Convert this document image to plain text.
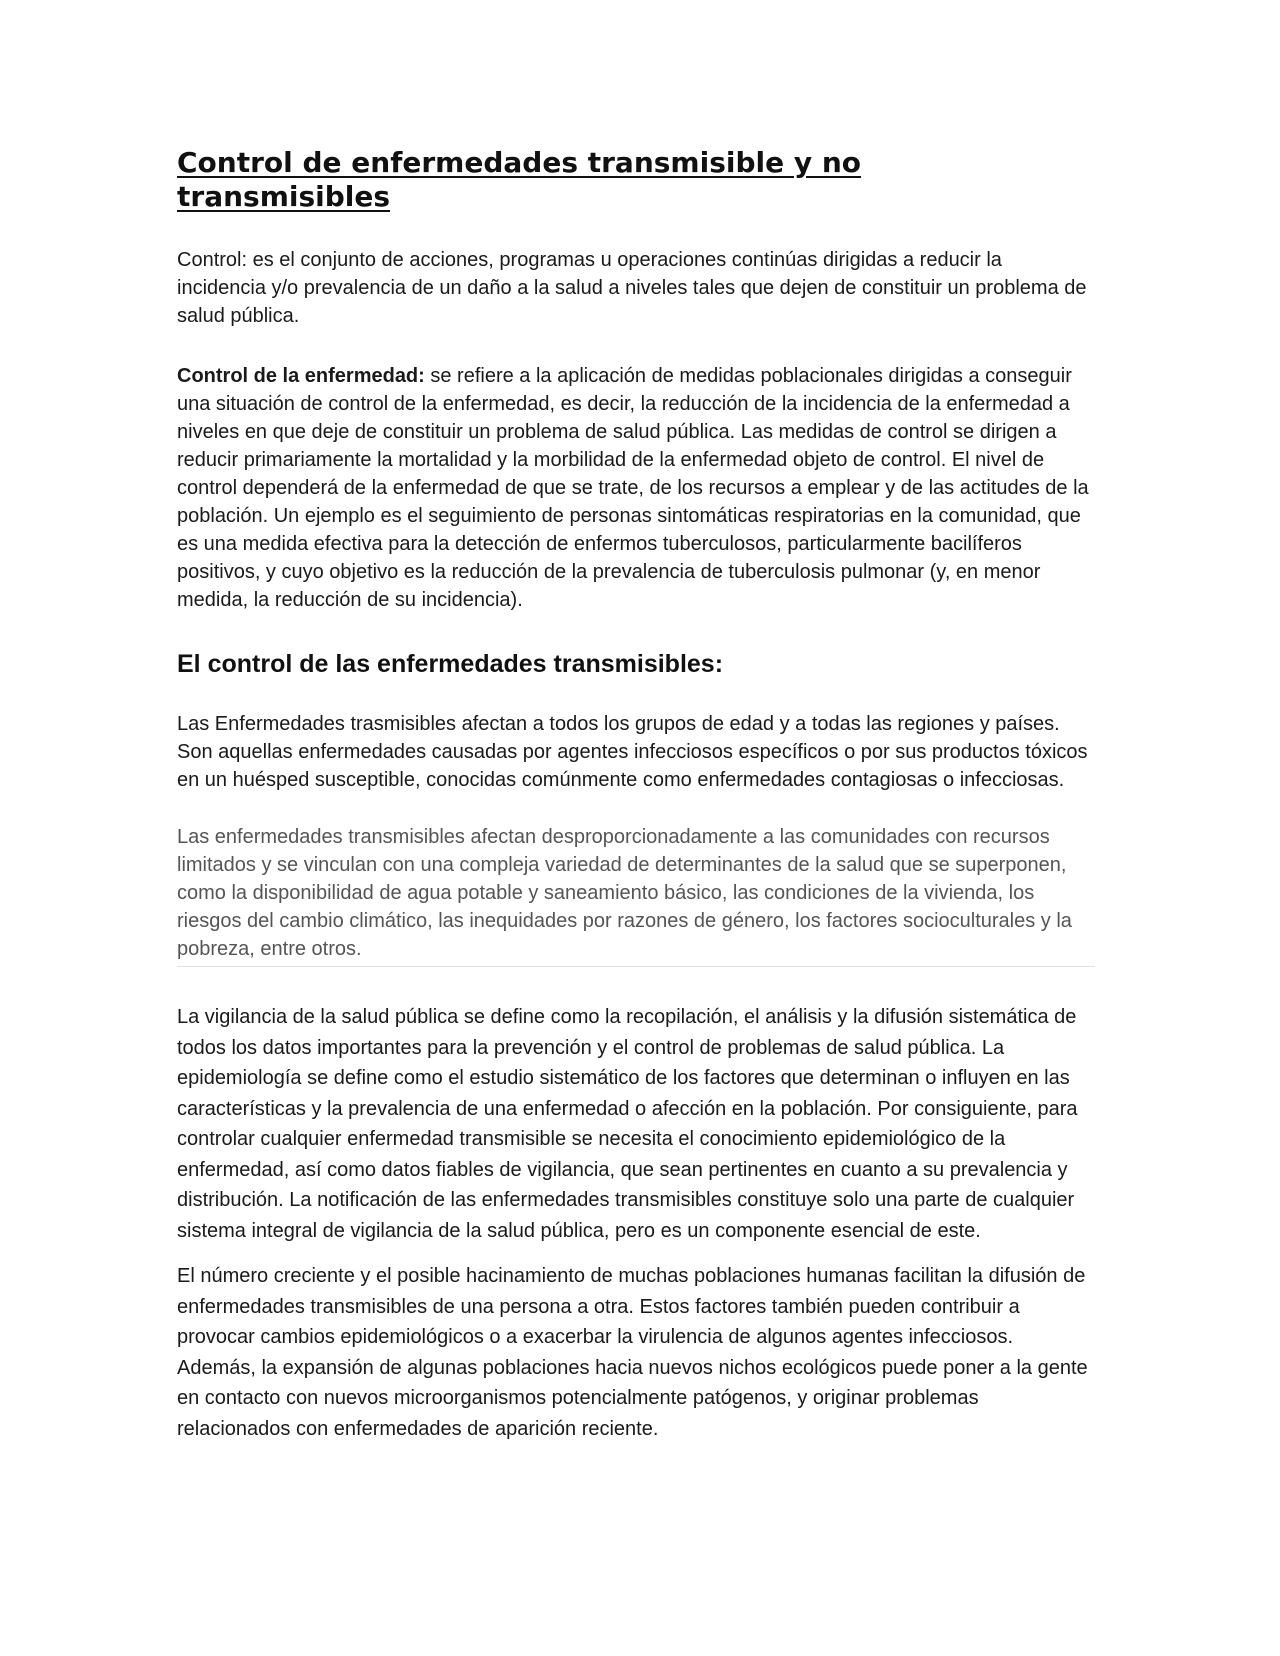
Control de enfermedades transmisible y no transmisibles

Control: es el conjunto de acciones, programas u operaciones continúas dirigidas a reducir la incidencia y/o prevalencia de un daño a la salud a niveles tales que dejen de constituir un problema de salud pública.

Control de la enfermedad: se refiere a la aplicación de medidas poblacionales dirigidas a conseguir una situación de control de la enfermedad, es decir, la reducción de la incidencia de la enfermedad a niveles en que deje de constituir un problema de salud pública. Las medidas de control se dirigen a reducir primariamente la mortalidad y la morbilidad de la enfermedad objeto de control. El nivel de control dependerá de la enfermedad de que se trate, de los recursos a emplear y de las actitudes de la población. Un ejemplo es el seguimiento de personas sintomáticas respiratorias en la comunidad, que es una medida efectiva para la detección de enfermos tuberculosos, particularmente bacilíferos positivos, y cuyo objetivo es la reducción de la prevalencia de tuberculosis pulmonar (y, en menor medida, la reducción de su incidencia).

El control de las enfermedades transmisibles:

Las Enfermedades trasmisibles afectan a todos los grupos de edad y a todas las regiones y países. Son aquellas enfermedades causadas por agentes infecciosos específicos o por sus productos tóxicos en un huésped susceptible, conocidas comúnmente como enfermedades contagiosas o infecciosas.

Las enfermedades transmisibles afectan desproporcionadamente a las comunidades con recursos limitados y se vinculan con una compleja variedad de determinantes de la salud que se superponen, como la disponibilidad de agua potable y saneamiento básico, las condiciones de la vivienda, los riesgos del cambio climático, las inequidades por razones de género, los factores socioculturales y la pobreza, entre otros.

La vigilancia de la salud pública se define como la recopilación, el análisis y la difusión sistemática de todos los datos importantes para la prevención y el control de problemas de salud pública. La epidemiología se define como el estudio sistemático de los factores que determinan o influyen en las características y la prevalencia de una enfermedad o afección en la población. Por consiguiente, para controlar cualquier enfermedad transmisible se necesita el conocimiento epidemiológico de la enfermedad, así como datos fiables de vigilancia, que sean pertinentes en cuanto a su prevalencia y distribución. La notificación de las enfermedades transmisibles constituye solo una parte de cualquier sistema integral de vigilancia de la salud pública, pero es un componente esencial de este.

El número creciente y el posible hacinamiento de muchas poblaciones humanas facilitan la difusión de enfermedades transmisibles de una persona a otra. Estos factores también pueden contribuir a provocar cambios epidemiológicos o a exacerbar la virulencia de algunos agentes infecciosos. Además, la expansión de algunas poblaciones hacia nuevos nichos ecológicos puede poner a la gente en contacto con nuevos microorganismos potencialmente patógenos, y originar problemas relacionados con enfermedades de aparición reciente.
